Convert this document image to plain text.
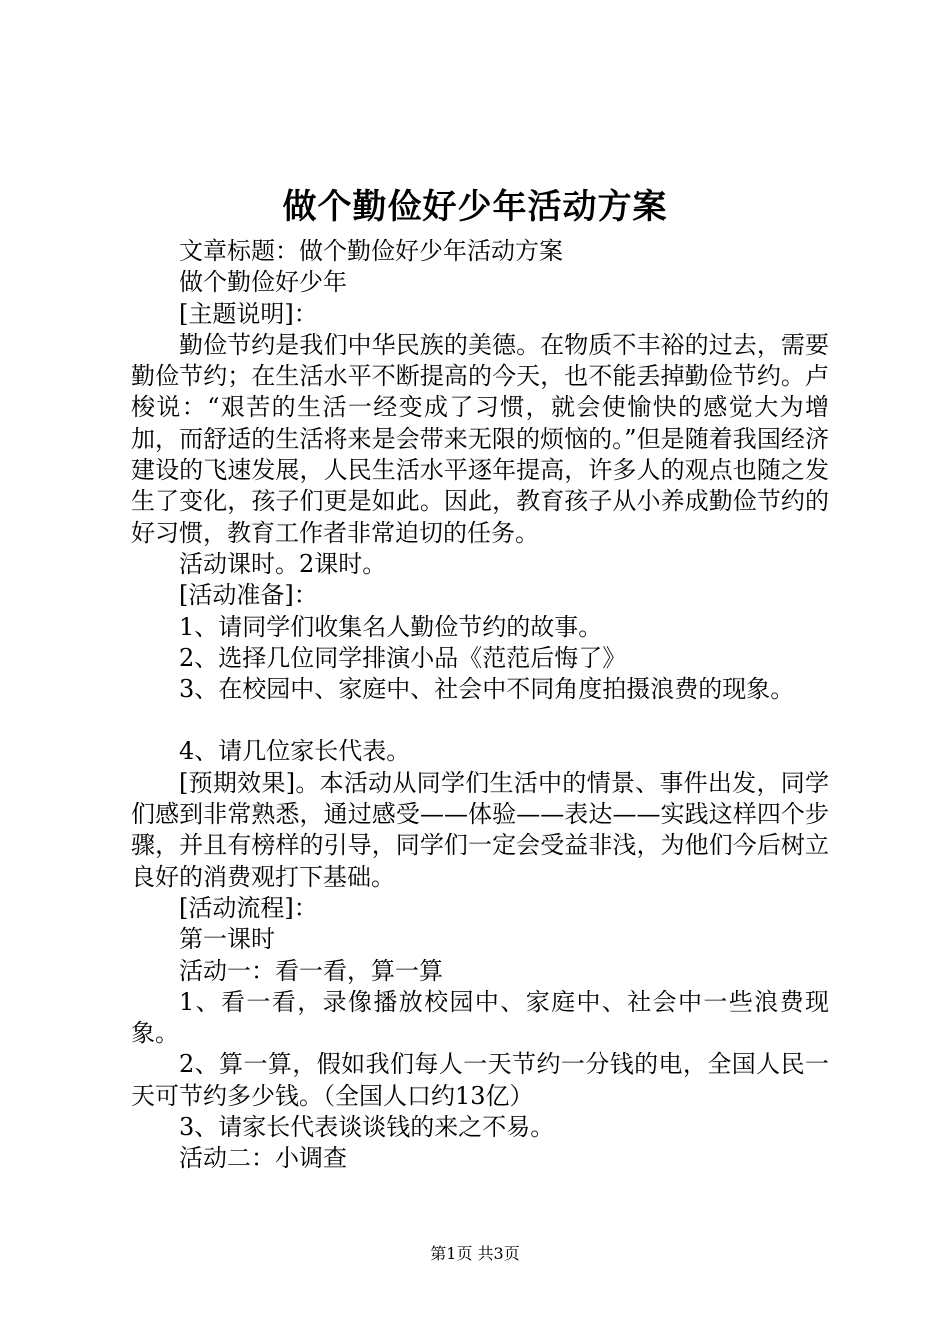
做个勤俭好少年活动方案

文章标题：做个勤俭好少年活动方案

做个勤俭好少年

[主题说明]：

勤俭节约是我们中华民族的美德。在物质不丰裕的过去，需要勤俭节约；在生活水平不断提高的今天，也不能丢掉勤俭节约。卢梭说：“艰苦的生活一经变成了习惯，就会使愉快的感觉大为增加，而舒适的生活将来是会带来无限的烦恼的。”但是随着我国经济建设的飞速发展，人民生活水平逐年提高，许多人的观点也随之发生了变化，孩子们更是如此。因此，教育孩子从小养成勤俭节约的好习惯，教育工作者非常迫切的任务。

活动课时。2课时。

[活动准备]：

1、请同学们收集名人勤俭节约的故事。

2、选择几位同学排演小品《范范后悔了》

3、在校园中、家庭中、社会中不同角度拍摄浪费的现象。

4、请几位家长代表。

[预期效果]。本活动从同学们生活中的情景、事件出发，同学们感到非常熟悉，通过感受——体验——表达——实践这样四个步骤，并且有榜样的引导，同学们一定会受益非浅，为他们今后树立良好的消费观打下基础。

[活动流程]：

第一课时

活动一：看一看，算一算

1、看一看，录像播放校园中、家庭中、社会中一些浪费现象。

2、算一算，假如我们每人一天节约一分钱的电，全国人民一天可节约多少钱。（全国人口约13亿）

3、请家长代表谈谈钱的来之不易。

活动二：小调查

第1页 共3页
